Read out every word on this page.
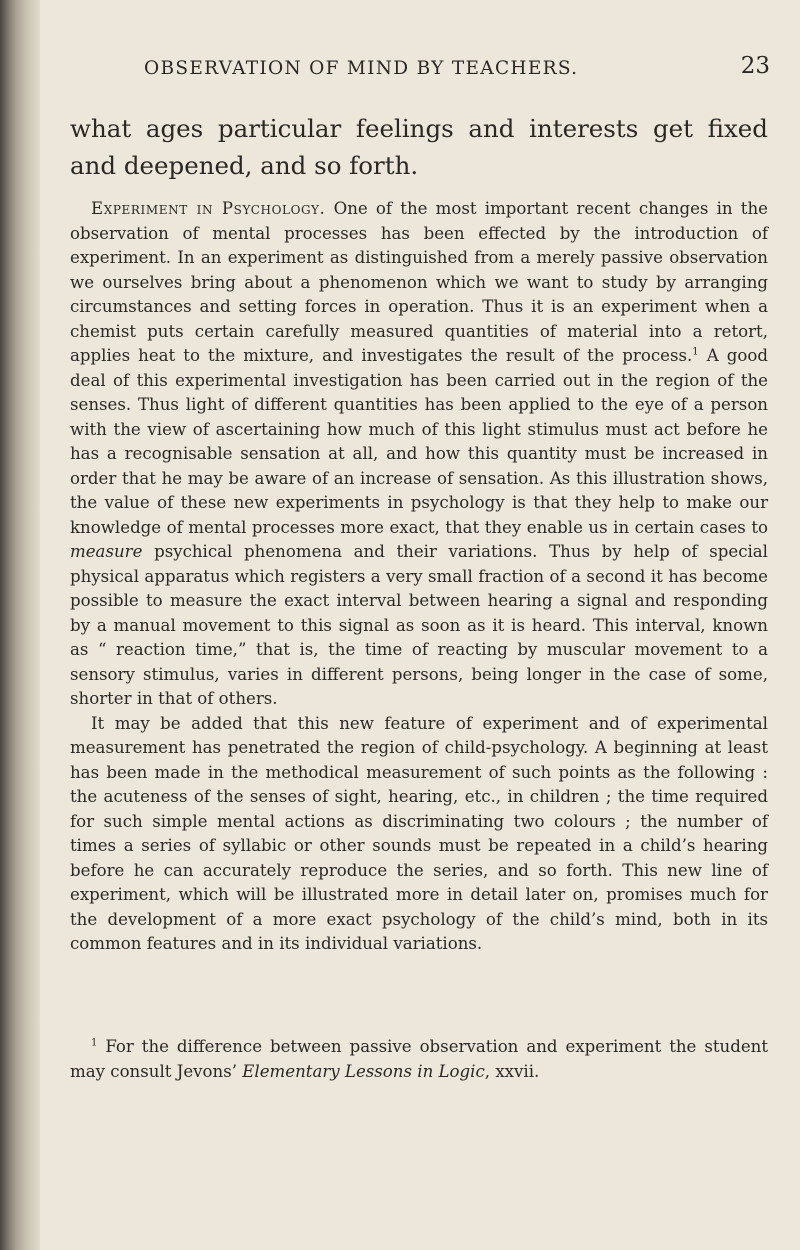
OBSERVATION OF MIND BY TEACHERS.	23
what ages particular feelings and interests get fixed and deepened, and so forth.

Experiment in Psychology. One of the most important recent changes in the observation of mental processes has been effected by the introduction of experiment. In an experiment as distinguished from a merely passive observation we ourselves bring about a phenomenon which we want to study by arranging circumstances and setting forces in operation. Thus it is an experiment when a chemist puts certain carefully measured quantities of material into a retort, applies heat to the mixture, and investigates the result of the process.$^1$ A good deal of this experimental investigation has been carried out in the region of the senses. Thus light of different quantities has been applied to the eye of a person with the view of ascertaining how much of this light stimulus must act before he has a recognisable sensation at all, and how this quantity must be increased in order that he may be aware of an increase of sensation. As this illustration shows, the value of these new experiments in psychology is that they help to make our knowledge of mental processes more exact, that they enable us in certain cases to measure psychical phenomena and their variations. Thus by help of special physical apparatus which registers a very small fraction of a second it has become possible to measure the exact interval between hearing a signal and responding by a manual movement to this signal as soon as it is heard. This interval, known as “ reaction time,” that is, the time of reacting by muscular movement to a sensory stimulus, varies in different persons, being longer in the case of some, shorter in that of others.

It may be added that this new feature of experiment and of experimental measurement has penetrated the region of child-psychology. A beginning at least has been made in the methodical measurement of such points as the following : the acuteness of the senses of sight, hearing, etc., in children ; the time required for such simple mental actions as discriminating two colours ; the number of times a series of syllabic or other sounds must be repeated in a child’s hearing before he can accurately reproduce the series, and so forth. This new line of experiment, which will be illustrated more in detail later on, promises much for the development of a more exact psychology of the child’s mind, both in its common features and in its individual variations.

$^1$ For the difference between passive observation and experiment the student may consult Jevons’ Elementary Lessons in Logic, xxvii.
